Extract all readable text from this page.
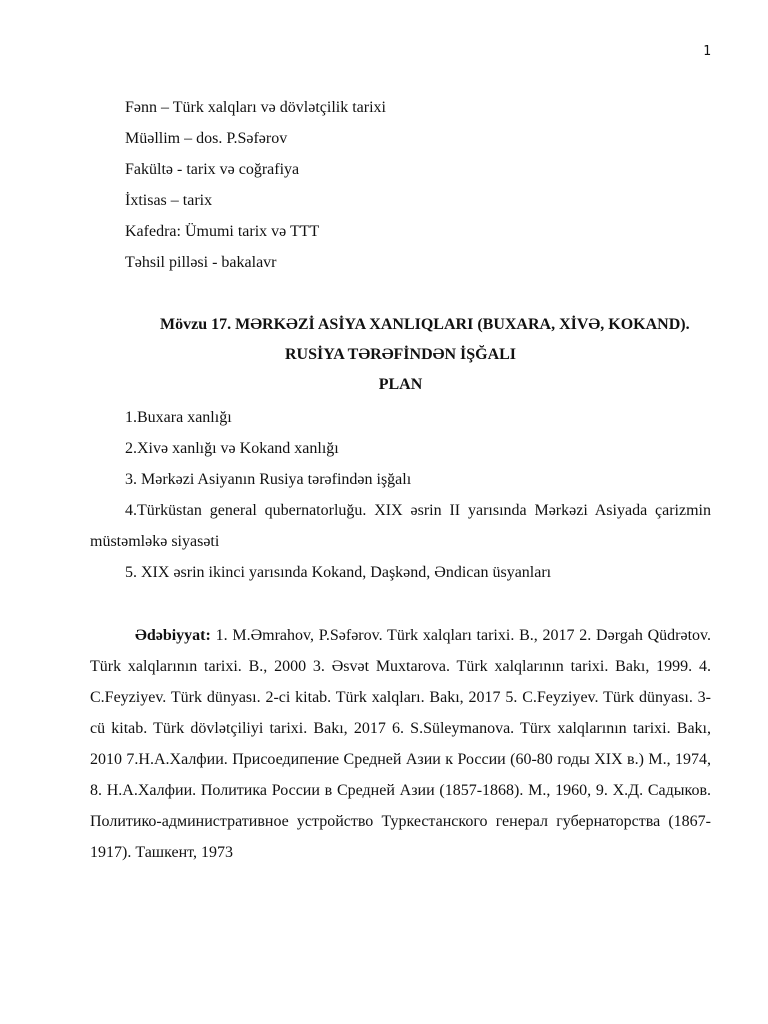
1
Fənn – Türk xalqları və dövlətçilik tarixi
Müəllim – dos. P.Səfərov
Fakültə - tarix və coğrafiya
İxtisas – tarix
Kafedra: Ümumi tarix və TTT
Təhsil pilləsi - bakalavr
Mövzu 17. MƏRKƏZİ ASİYA XANLIQLARI (BUXARA, XİVƏ, KOKAND).
RUSİYA TƏRƏFİNDƏN İŞĞALI
PLAN
1.Buxara xanlığı
2.Xivə xanlığı və Kokand xanlığı
3. Mərkəzi Asiyanın Rusiya tərəfindən işğalı
4.Türküstan general qubernatorluğu. XIX əsrin II yarısında Mərkəzi Asiyada çarizmin müstəmləkə siyasəti
5. XIX əsrin ikinci yarısında Kokand, Daşkənd, Əndican üsyanları
Ədəbiyyat: 1. M.Əmrahov, P.Səfərov. Türk xalqları tarixi. B., 2017 2. Dərgah Qüdrətov. Türk xalqlarının tarixi. B., 2000 3. Əsvət Muxtarova. Türk xalqlarının tarixi. Bakı, 1999. 4. C.Feyziyev. Türk dünyası. 2-ci kitab. Türk xalqları. Bakı, 2017 5. C.Feyziyev. Türk dünyası. 3-cü kitab. Türk dövlətçiliyi tarixi. Bakı, 2017 6. S.Süleymanova. Türx xalqlarının tarixi. Bakı, 2010 7.Н.А.Халфии. Присоедипение Средней Азии к России (60-80 годы XIX в.) М., 1974, 8. Н.А.Халфии. Политика России в Средней Азии (1857-1868). М., 1960, 9. Х.Д. Садыков. Политико-административное устройство Туркестанского генерал губернаторства (1867-1917). Ташкент, 1973
